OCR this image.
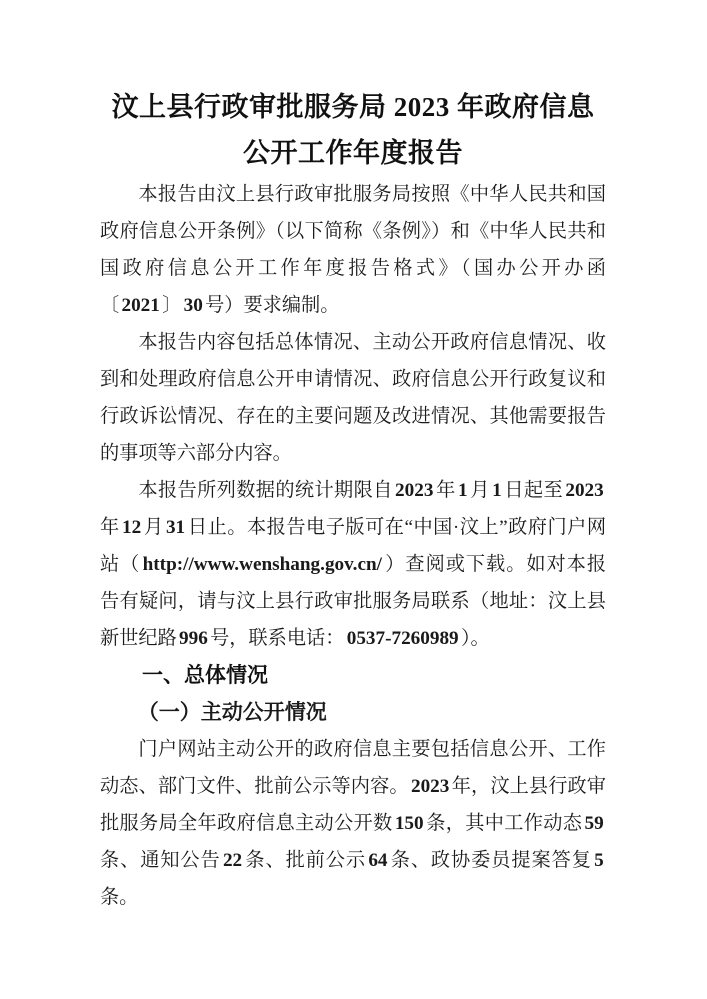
汶上县行政审批服务局 2023 年政府信息公开工作年度报告

本报告由汶上县行政审批服务局按照《中华人民共和国政府信息公开条例》（以下简称《条例》）和《中华人民共和国政府信息公开工作年度报告格式》（国办公开办函〔 2021 〕 30 号）要求编制。

本报告内容包括总体情况、主动公开政府信息情况、收到和处理政府信息公开申请情况、政府信息公开行政复议和行政诉讼情况、存在的主要问题及改进情况、其他需要报告的事项等六部分内容。

本报告所列数据的统计期限自 2023 年 1 月 1 日起至 2023年 12 月 31 日止。本报告电子版可在“中国·汶上”政府门户网站（ http://www.wenshang.gov.cn/ ）查阅或下载。如对本报告有疑问，请与汶上县行政审批服务局联系（地址：汶上县新世纪路 996 号，联系电话： 0537-7260989 ）。

一、总体情况
（一）主动公开情况

门户网站主动公开的政府信息主要包括信息公开、工作动态、部门文件、批前公示等内容。 2023 年，汶上县行政审批服务局全年政府信息主动公开数 150 条，其中工作动态 59条、通知公告 22 条、批前公示 64 条、政协委员提案答复 5条。
